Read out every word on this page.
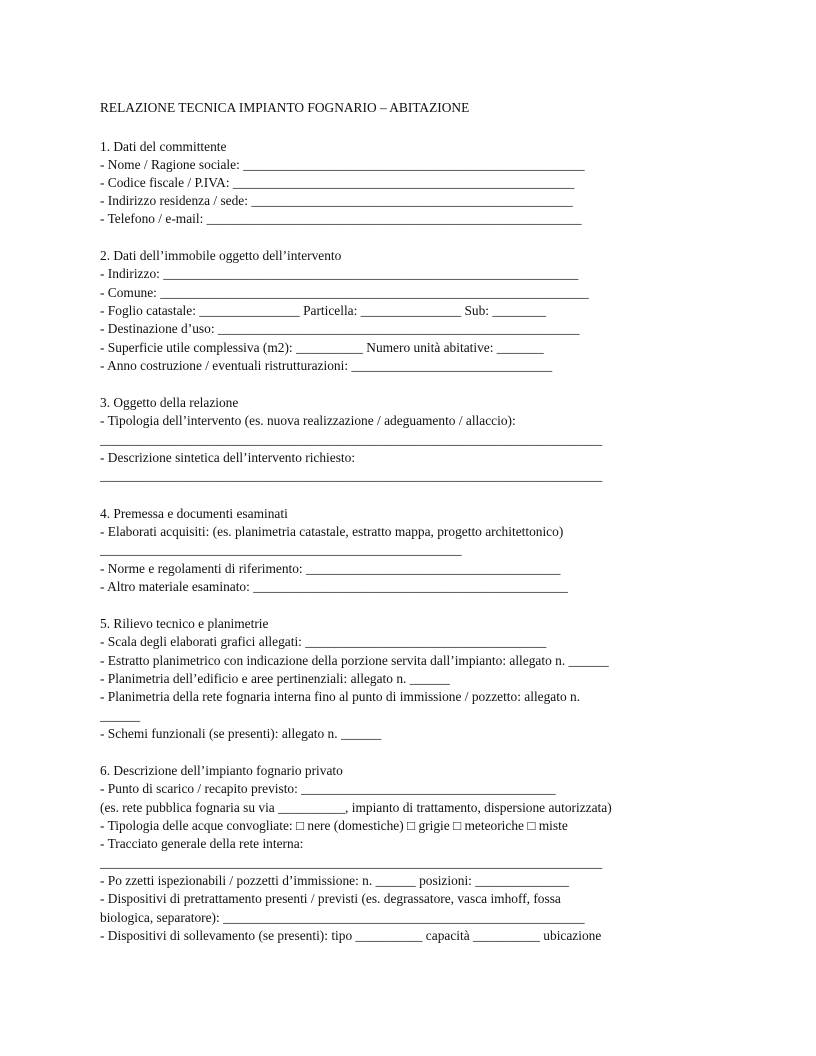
RELAZIONE TECNICA IMPIANTO FOGNARIO – ABITAZIONE
1. Dati del committente
- Nome / Ragione sociale: ___________________________________________________
- Codice fiscale / P.IVA: ___________________________________________________
- Indirizzo residenza / sede: ________________________________________________
- Telefono / e-mail: ________________________________________________________
2. Dati dell’immobile oggetto dell’intervento
- Indirizzo: ______________________________________________________________
- Comune: ________________________________________________________________
- Foglio catastale: _______________ Particella: _______________ Sub: ________
- Destinazione d’uso: ______________________________________________________
- Superficie utile complessiva (m2): __________ Numero unità abitative: _______
- Anno costruzione / eventuali ristrutturazioni: ______________________________
3. Oggetto della relazione
- Tipologia dell’intervento (es. nuova realizzazione / adeguamento / allaccio):
___________________________________________________________________________
- Descrizione sintetica dell’intervento richiesto:
___________________________________________________________________________
4. Premessa e documenti esaminati
- Elaborati acquisiti: (es. planimetria catastale, estratto mappa, progetto architettonico)
______________________________________________________
- Norme e regolamenti di riferimento: ______________________________________
- Altro materiale esaminato: _______________________________________________
5. Rilievo tecnico e planimetrie
- Scala degli elaborati grafici allegati: ____________________________________
- Estratto planimetrico con indicazione della porzione servita dall’impianto: allegato n. ______
- Planimetria dell’edificio e aree pertinenziali: allegato n. ______
- Planimetria della rete fognaria interna fino al punto di immissione / pozzetto: allegato n.
______
- Schemi funzionali (se presenti): allegato n. ______
6. Descrizione dell’impianto fognario privato
- Punto di scarico / recapito previsto: ______________________________________
(es. rete pubblica fognaria su via __________, impianto di trattamento, dispersione autorizzata)
- Tipologia delle acque convogliate: □ nere (domestiche) □ grigie □ meteoriche □ miste
- Tracciato generale della rete interna:
___________________________________________________________________________
- Po zzetti ispezionabili / pozzetti d’immissione: n. ______ posizioni: ______________
- Dispositivi di pretrattamento presenti / previsti (es. degrassatore, vasca imhoff, fossa
biologica, separatore): ______________________________________________________
- Dispositivi di sollevamento (se presenti): tipo __________ capacità __________ ubicazione
